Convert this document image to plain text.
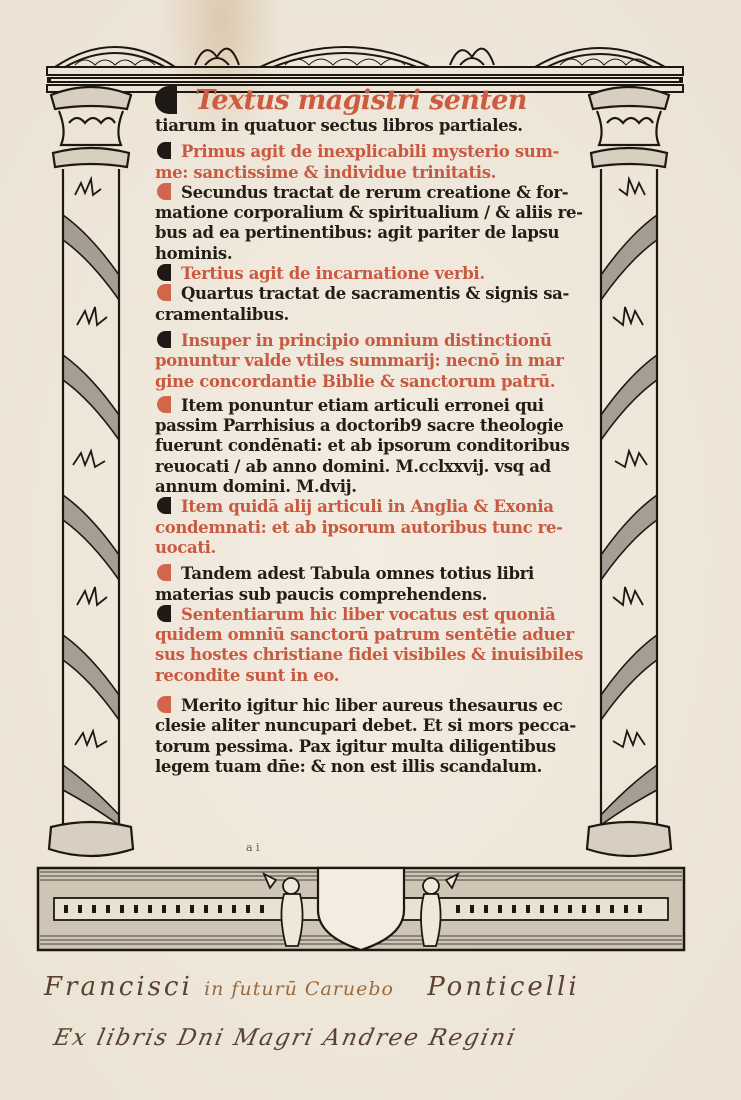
Textus magistri senten
tiarum in quatuor sectus libros partiales.
Primus agit de inexplicabili mysterio sum-
me: sanctissime & individue trinitatis.
Secundus tractat de rerum creatione & for-
matione corporalium & spiritualium / & aliis re-
bus ad ea pertinentibus: agit pariter de lapsu
hominis.
Tertius agit de incarnatione verbi.
Quartus tractat de sacramentis & signis sa-
cramentalibus.
Insuper in principio omnium distinctionū
ponuntur valde vtiles summarij: necnō in mar
gine concordantie Biblie & sanctorum patrū.
Item ponuntur etiam articuli erronei qui
passim Parrhisius a doctorib9 sacre theologie
fuerunt condēnati: et ab ipsorum conditoribus
reuocati / ab anno domini. M.cclxxvij. vsq ad
annum domini. M.dvij.
Item quidā alij articuli in Anglia & Exonia
condemnati: et ab ipsorum autoribus tunc re-
uocati.
Tandem adest Tabula omnes totius libri
materias sub paucis comprehendens.
Sententiarum hic liber vocatus est quoniā
quidem omniū sanctorū patrum sentētie aduer
sus hostes christiane fidei visibiles & inuisibiles
recondite sunt in eo.
Merito igitur hic liber aureus thesaurus ec
clesie aliter nuncupari debet. Et si mors pecca-
torum pessima. Pax igitur multa diligentibus
legem tuam dn̄e: & non est illis scandalum.
a i
Francisci in futurū Caruebo Ponticelli
Ex libris Dni Magri Andree Regini
